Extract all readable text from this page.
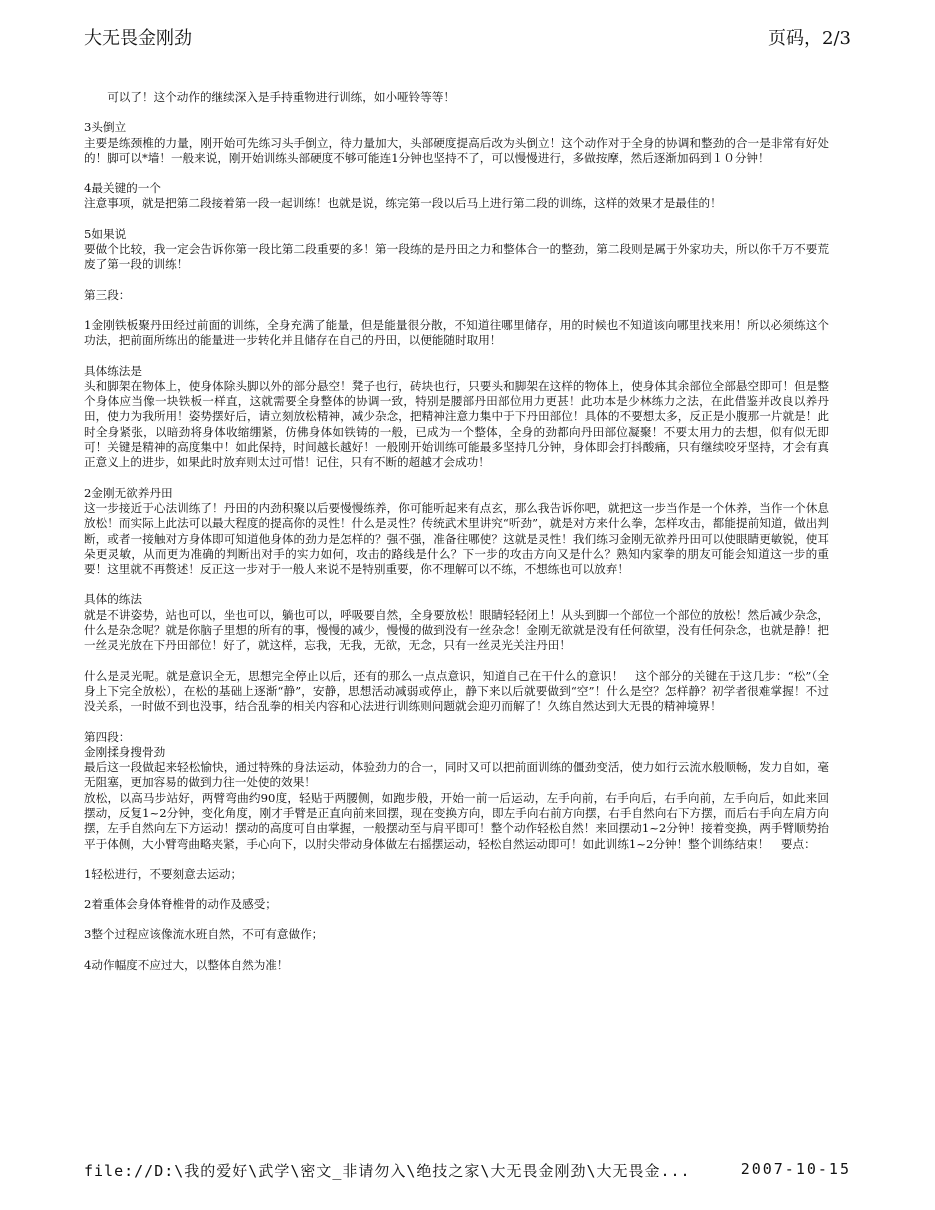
大无畏金刚劲	页码，2/3

可以了！这个动作的继续深入是手持重物进行训练，如小哑铃等等！

3头倒立

主要是练颈椎的力量，刚开始可先练习头手倒立，待力量加大，头部硬度提高后改为头倒立！这个动作对于全身的协调和整劲的合一是非常有好处的！脚可以*墙！一般来说，刚开始训练头部硬度不够可能连1分钟也坚持不了，可以慢慢进行，多做按摩，然后逐渐加码到１０分钟！

4最关键的一个

注意事项，就是把第二段接着第一段一起训练！也就是说，练完第一段以后马上进行第二段的训练，这样的效果才是最佳的！

5如果说

要做个比较，我一定会告诉你第一段比第二段重要的多！第一段练的是丹田之力和整体合一的整劲，第二段则是属于外家功夫，所以你千万不要荒废了第一段的训练！

第三段：

1金刚铁板聚丹田经过前面的训练，全身充满了能量，但是能量很分散，不知道往哪里储存，用的时候也不知道该向哪里找来用！所以必须练这个功法，把前面所练出的能量进一步转化并且储存在自己的丹田，以便能随时取用！

具体练法是

头和脚架在物体上，使身体除头脚以外的部分悬空！凳子也行，砖块也行，只要头和脚架在这样的物体上，使身体其余部位全部悬空即可！但是整个身体应当像一块铁板一样直，这就需要全身整体的协调一致，特别是腰部丹田部位用力更甚！此功本是少林练力之法，在此借鉴并改良以养丹田，使力为我所用！姿势摆好后，请立刻放松精神，减少杂念，把精神注意力集中于下丹田部位！具体的不要想太多，反正是小腹那一片就是！此时全身紧张，以暗劲将身体收缩绷紧，仿佛身体如铁铸的一般，已成为一个整体，全身的劲都向丹田部位凝聚！不要太用力的去想，似有似无即可！关键是精神的高度集中！如此保持，时间越长越好！一般刚开始训练可能最多坚持几分钟，身体即会打抖酸痛，只有继续咬牙坚持，才会有真正意义上的进步，如果此时放弃则太过可惜！记住，只有不断的超越才会成功！

2金刚无欲养丹田

这一步接近于心法训练了！丹田的内劲积聚以后要慢慢练养，你可能听起来有点玄，那么我告诉你吧，就把这一步当作是一个休养，当作一个休息放松！而实际上此法可以最大程度的提高你的灵性！什么是灵性？传统武术里讲究“听劲”，就是对方来什么拳，怎样攻击，都能提前知道，做出判断，或者一接触对方身体即可知道他身体的劲力是怎样的？强不强，准备往哪使？这就是灵性！我们练习金刚无欲养丹田可以使眼睛更敏锐，使耳朵更灵敏，从而更为准确的判断出对手的实力如何，攻击的路线是什么？下一步的攻击方向又是什么？熟知内家拳的朋友可能会知道这一步的重要！这里就不再赘述！反正这一步对于一般人来说不是特别重要，你不理解可以不练，不想练也可以放弃！

具体的练法

就是不讲姿势，站也可以，坐也可以，躺也可以，呼吸要自然，全身要放松！眼睛轻轻闭上！从头到脚一个部位一个部位的放松！然后减少杂念，什么是杂念呢？就是你脑子里想的所有的事，慢慢的减少，慢慢的做到没有一丝杂念！金刚无欲就是没有任何欲望，没有任何杂念，也就是静！把一丝灵光放在下丹田部位！好了，就这样，忘我，无我，无欲，无念，只有一丝灵光关注丹田！

什么是灵光呢。就是意识全无，思想完全停止以后，还有的那么一点点意识，知道自己在干什么的意识！　这个部分的关键在于这几步：“松”（全身上下完全放松），在松的基础上逐渐“静”，安静，思想活动减弱或停止，静下来以后就要做到“空”！什么是空？怎样静？初学者很难掌握！不过没关系，一时做不到也没事，结合乱拳的相关内容和心法进行训练则问题就会迎刃而解了！久练自然达到大无畏的精神境界！

第四段：

金刚揉身搜骨劲

最后这一段做起来轻松愉快，通过特殊的身法运动，体验劲力的合一，同时又可以把前面训练的僵劲变活，使力如行云流水般顺畅，发力自如，毫无阻塞，更加容易的做到力往一处使的效果！

放松，以高马步站好，两臂弯曲约90度，轻贴于两腰侧，如跑步般，开始一前一后运动，左手向前，右手向后，右手向前，左手向后，如此来回摆动，反复1~2分钟，变化角度，刚才手臂是正直向前来回摆，现在变换方向，即左手向右前方向摆，右手自然向右下方摆，而后右手向左肩方向摆，左手自然向左下方运动！摆动的高度可自由掌握，一般摆动至与肩平即可！整个动作轻松自然！来回摆动1~2分钟！接着变换，两手臂顺势抬平于体侧，大小臂弯曲略夹紧，手心向下，以肘尖带动身体做左右摇摆运动，轻松自然运动即可！如此训练1~2分钟！整个训练结束！　要点：

1轻松进行，不要刻意去运动；

2着重体会身体脊椎骨的动作及感受；

3整个过程应该像流水班自然，不可有意做作；

4动作幅度不应过大，以整体自然为准！

file://D:\我的爱好\武学\密文_非请勿入\绝技之家\大无畏金刚劲\大无畏金...	2007-10-15
